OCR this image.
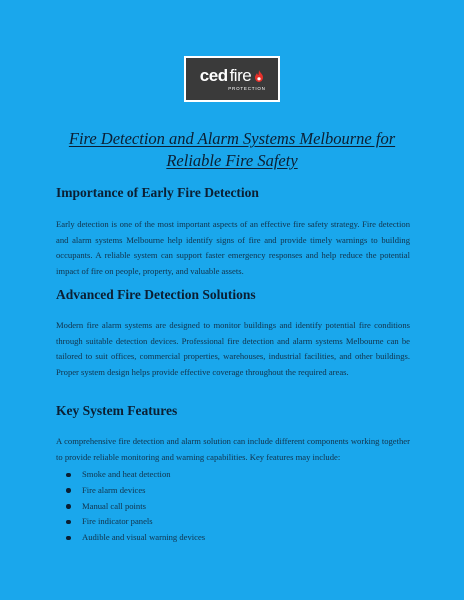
ced fire
PROTECTION
Fire Detection and Alarm Systems Melbourne for Reliable Fire Safety
Importance of Early Fire Detection

Early detection is one of the most important aspects of an effective fire safety strategy. Fire detection and alarm systems Melbourne help identify signs of fire and provide timely warnings to building occupants. A reliable system can support faster emergency responses and help reduce the potential impact of fire on people, property, and valuable assets.

Advanced Fire Detection Solutions

Modern fire alarm systems are designed to monitor buildings and identify potential fire conditions through suitable detection devices. Professional fire detection and alarm systems Melbourne can be tailored to suit offices, commercial properties, warehouses, industrial facilities, and other buildings. Proper system design helps provide effective coverage throughout the required areas.

Key System Features

A comprehensive fire detection and alarm solution can include different components working together to provide reliable monitoring and warning capabilities. Key features may include:

Smoke and heat detection
Fire alarm devices
Manual call points
Fire indicator panels
Audible and visual warning devices
